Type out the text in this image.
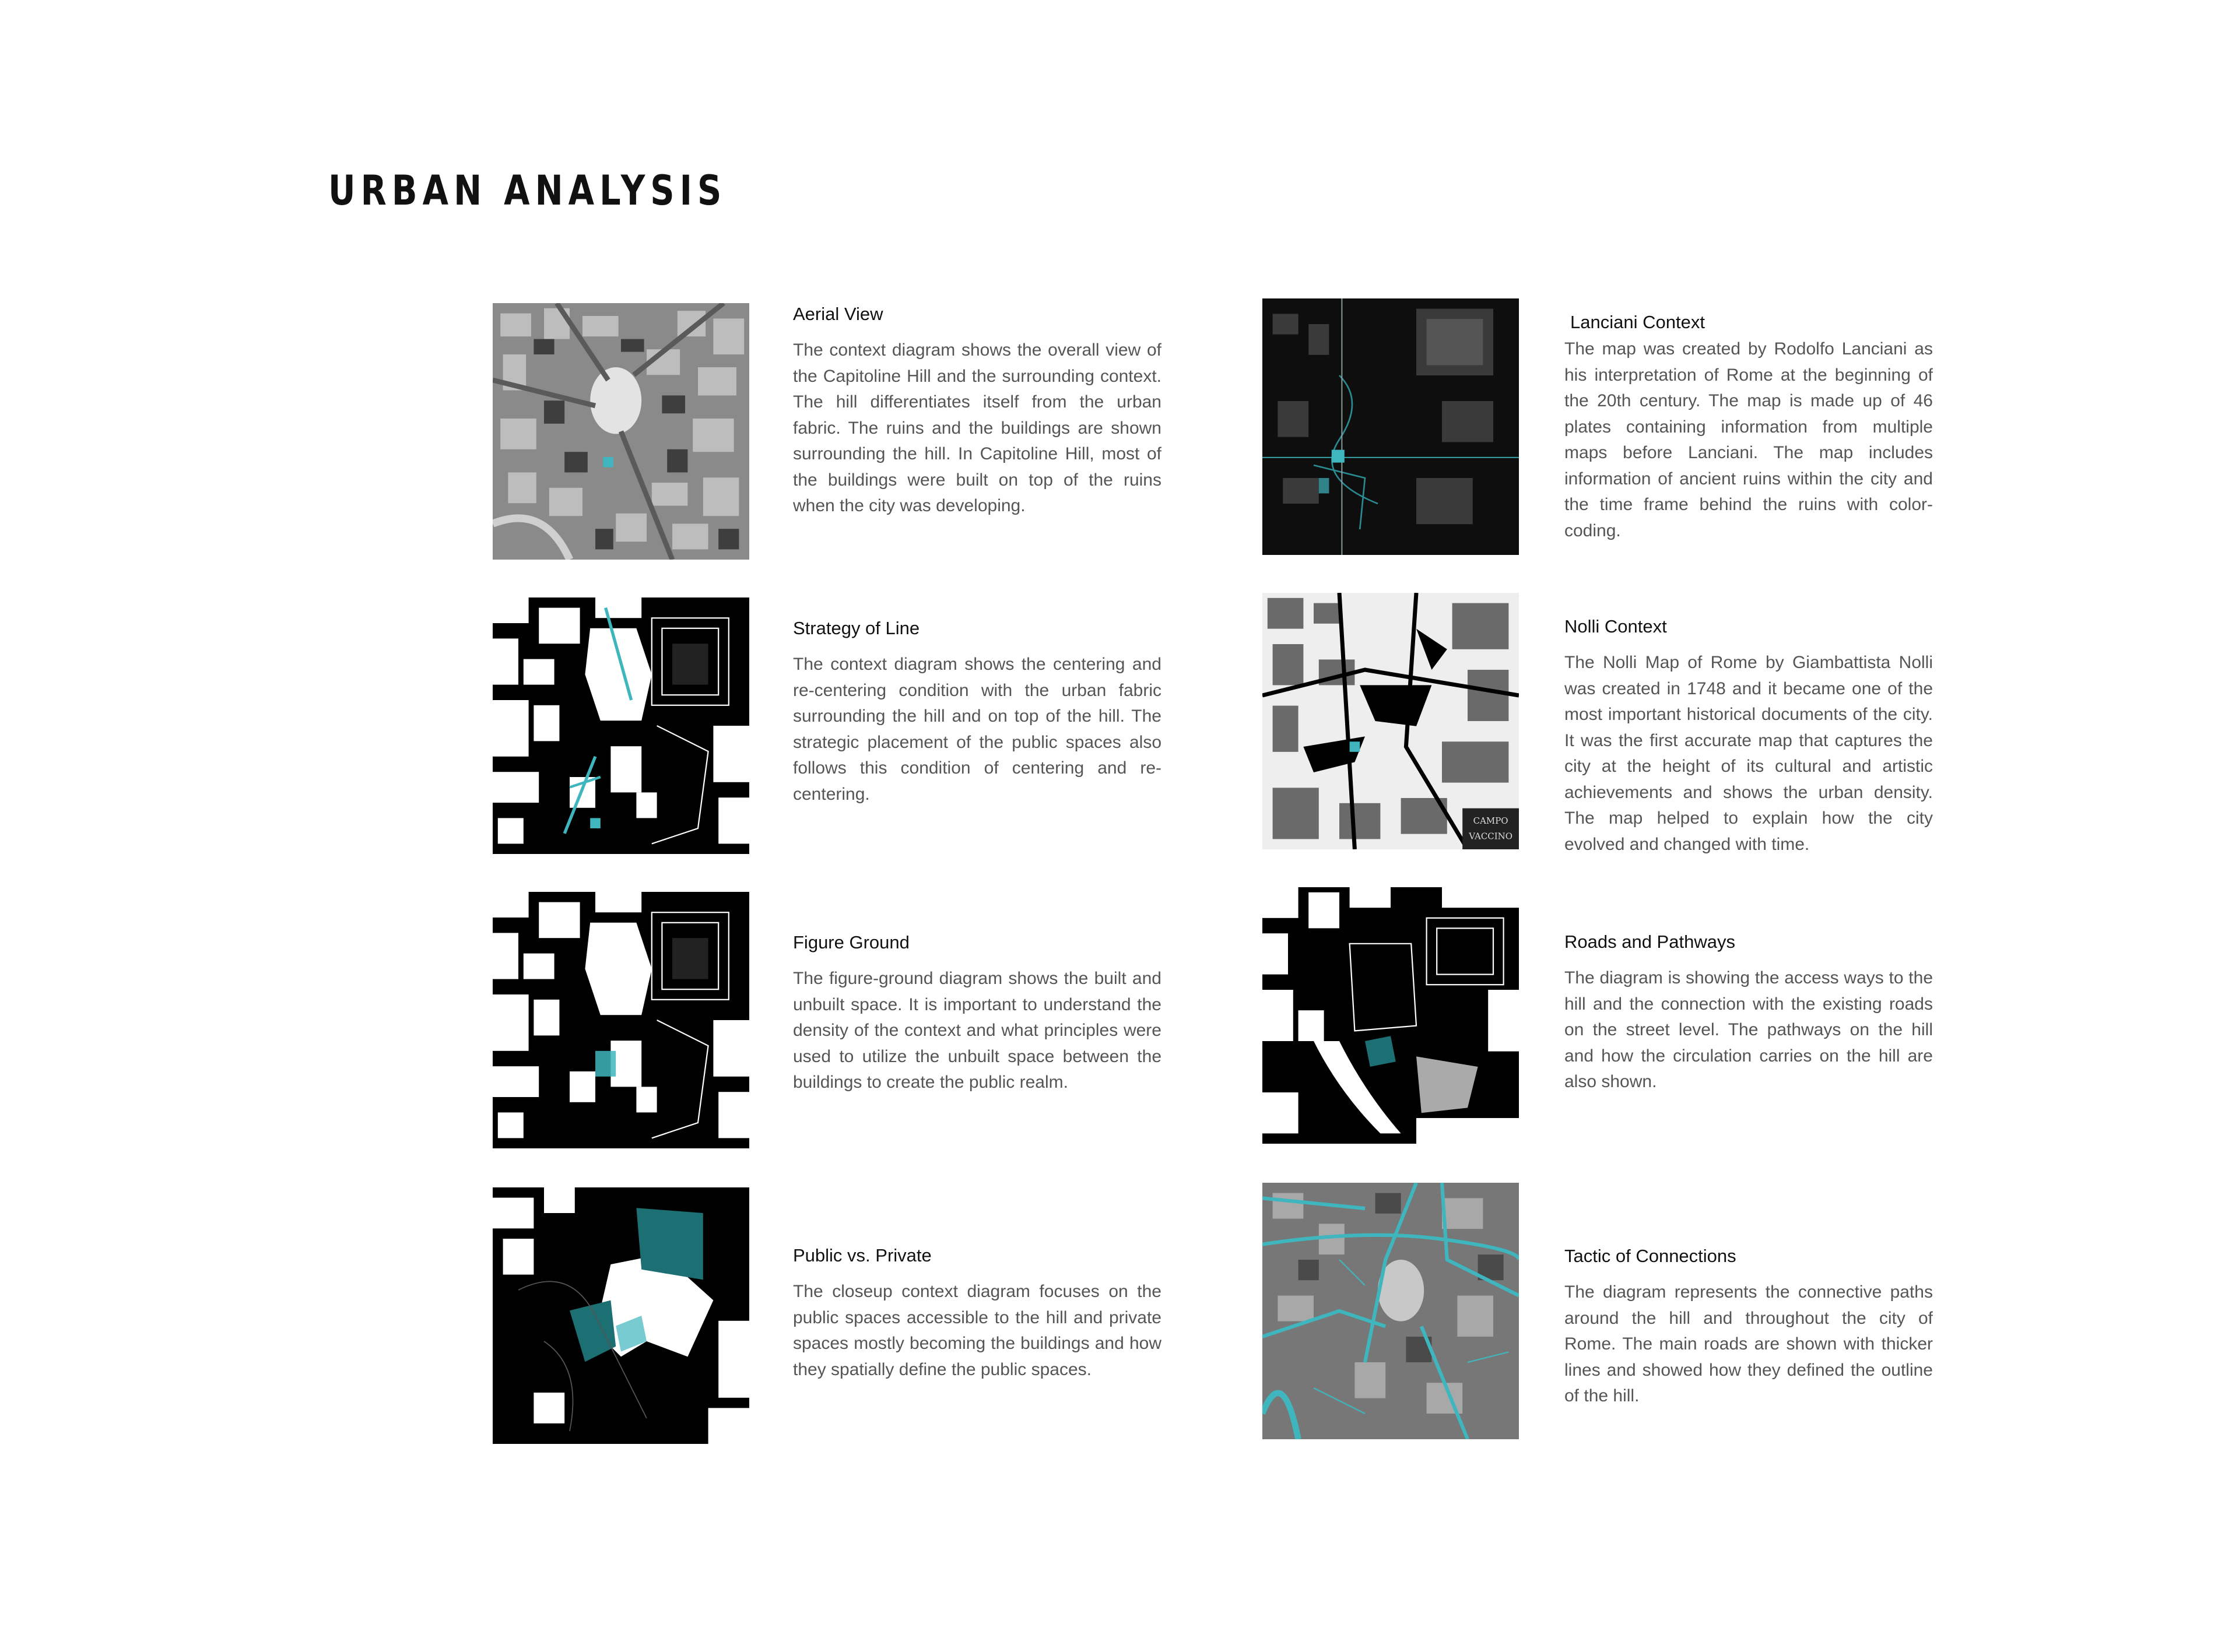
URBAN ANALYSIS
Aerial View

The context diagram shows the overall view of the Capitoline Hill and the surrounding context. The hill differentiates itself from the urban fabric. The ruins and the buildings are shown surrounding the hill. In Capitoline Hill, most of the buildings were built on top of the ruins when the city was developing.

Strategy of Line

The context diagram shows the centering and re-centering condition with the urban fabric surrounding the hill and on top of the hill. The strategic placement of the public spaces also follows this condition of centering and re-centering.

Figure Ground

The figure-ground diagram shows the built and unbuilt space. It is important to understand the density of the context and what principles were used to utilize the unbuilt space between the buildings to create the public realm.

Public vs. Private

The closeup context diagram focuses on the public spaces accessible to the hill and private spaces mostly becoming the buildings and how they spatially define the public spaces.

Lanciani Context

The map was created by Rodolfo Lanciani as his interpretation of Rome at the beginning of the 20th century. The map is made up of 46 plates containing information from multiple maps before Lanciani. The map includes information of ancient ruins within the city and the time frame behind the ruins with color-coding.

CAMPO
VACCINO
Nolli Context

The Nolli Map of Rome by Giambattista Nolli was created in 1748 and it became one of the most important historical documents of the city. It was the first accurate map that captures the city at the height of its cultural and artistic achievements and shows the urban density. The map helped to explain how the city evolved and changed with time.

Roads and Pathways

The diagram is showing the access ways to the hill and the connection with the existing roads on the street level. The pathways on the hill and how the circulation carries on the hill are also shown.

Tactic of Connections

The diagram represents the connective paths around the hill and throughout the city of Rome. The main roads are shown with thicker lines and showed how they defined the outline of the hill.
